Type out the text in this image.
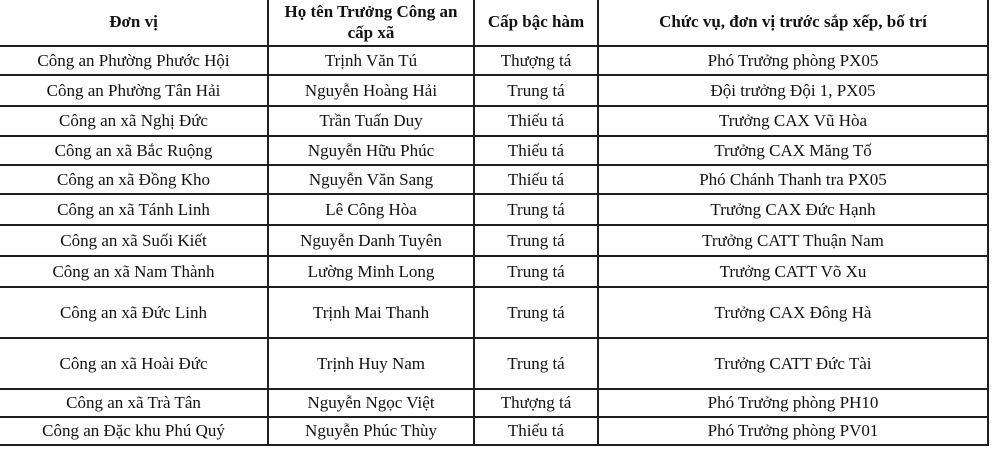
Đơn vị	Họ tên Trưởng Công an cấp xã	Cấp bậc hàm	Chức vụ, đơn vị trước sắp xếp, bố trí
Công an Phường Phước Hội	Trịnh Văn Tú	Thượng tá	Phó Trưởng phòng PX05
Công an Phường Tân Hải	Nguyễn Hoàng Hải	Trung tá	Đội trưởng Đội 1, PX05
Công an xã Nghị Đức	Trần Tuấn Duy	Thiếu tá	Trưởng CAX Vũ Hòa
Công an xã Bắc Ruộng	Nguyễn Hữu Phúc	Thiếu tá	Trưởng CAX Măng Tố
Công an xã Đồng Kho	Nguyễn Văn Sang	Thiếu tá	Phó Chánh Thanh tra PX05
Công an xã Tánh Linh	Lê Công Hòa	Trung tá	Trưởng CAX Đức Hạnh
Công an xã Suối Kiết	Nguyễn Danh Tuyên	Trung tá	Trưởng CATT Thuận Nam
Công an xã Nam Thành	Lường Minh Long	Trung tá	Trưởng CATT Võ Xu
Công an xã Đức Linh	Trịnh Mai Thanh	Trung tá	Trưởng CAX Đông Hà
Công an xã Hoài Đức	Trịnh Huy Nam	Trung tá	Trưởng CATT Đức Tài
Công an xã Trà Tân	Nguyễn Ngọc Việt	Thượng tá	Phó Trưởng phòng PH10
Công an Đặc khu Phú Quý	Nguyễn Phúc Thùy	Thiếu tá	Phó Trưởng phòng PV01
